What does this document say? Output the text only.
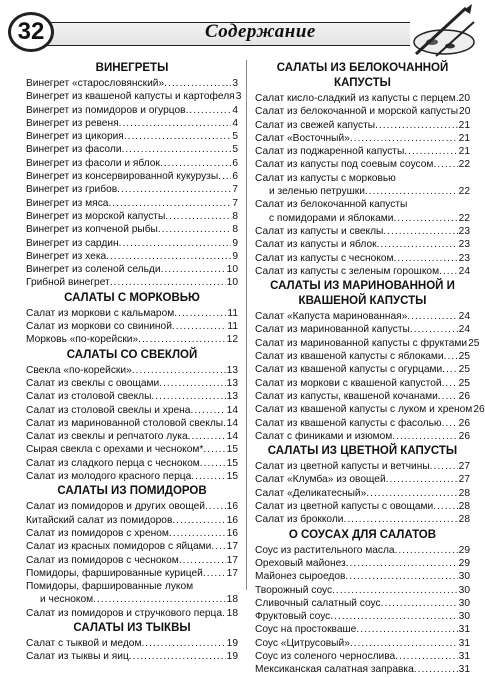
32	Содержание
ВИНЕГРЕТЫ
Винегрет «старословянский» .....	3
Винегрет из квашеной капусты и картофеля 3
Винегрет из помидоров и огурцов .....	4
Винегрет из ревеня .....	4
Винегрет из цикория .....	5
Винегрет из фасоли .....	5
Винегрет из фасоли и яблок .....	6
Винегрет из консервированной кукурузы ..... 6
Винегрет из грибов .....	7
Винегрет из мяса .....	7
Винегрет из морской капусты .....	8
Винегрет из копченой рыбы .....	8
Винегрет из сардин .....	9
Винегрет из хека .....	9
Винегрет из соленой сельди .....	10
Грибной винегрет .....	10
САЛАТЫ С МОРКОВЬЮ
Салат из моркови с кальмаром .....	11
Салат из моркови со свининой .....	11
Морковь «по-корейски» .....	12
САЛАТЫ СО СВЕКЛОЙ
Свекла «по-корейски» .....	13
Салат из свеклы с овощами .....	13
Салат из столовой свеклы .....	13
Салат из столовой свеклы и хрена .....	14
Салат из маринованной столовой свеклы ..... 14
Салат из свеклы и репчатого лука .....	14
Сырая свекла с орехами и чесноком* ..... 15
Салат из сладкого перца с чесноком .....	15
Салат из молодого красного перца .....	15
САЛАТЫ ИЗ ПОМИДОРОВ
Салат из помидоров и других овощей ..... 16
Китайский салат из помидоров .....	16
Салат из помидоров с хреном .....	16
Салат из красных помидоров с яйцами ..... 17
Салат из помидоров с чесноком .....	17
Помидоры, фаршированные курицей ..... 17
Помидоры, фаршированные луком
и чесноком .....	18
Салат из помидоров и стручкового перца ..... 18
САЛАТЫ ИЗ ТЫКВЫ
Салат с тыквой и медом .....	19
Салат из тыквы и яиц .....	19
САЛАТЫ ИЗ БЕЛОКОЧАННОЙ КАПУСТЫ
Салат кисло-сладкий из капусты с перцем ..... 20
Салат из белокочанной и морской капусты 20
Салат из свежей капусты .....	21
Салат «Восточный» .....	21
Салат из поджаренной капусты .....	21
Салат из капусты под соевым соусом ..... 22
Салат из капусты с морковью
и зеленью петрушки .....	22
Салат из белокочанной капусты
с помидорами и яблоками .....	22
Салат из капусты и свеклы .....	23
Салат из капусты и яблок .....	23
Салат из капусты с чесноком .....	23
Салат из капусты с зеленым горошком ..... 24
САЛАТЫ ИЗ МАРИНОВАННОЙ И КВАШЕНОЙ КАПУСТЫ
Салат «Капуста маринованная» .....	24
Салат из маринованной капусты .....	24
Салат из маринованной капусты с фруктами 25
Салат из квашеной капусты с яблоками ..... 25
Салат из квашеной капусты с огурцами ..... 25
Салат из моркови с квашеной капустой ..... 25
Салат из капусты, квашеной кочанами ..... 26
Салат из квашеной капусты с луком и хреном 26
Салат из квашеной капусты с фасолью ..... 26
Салат с финиками и изюмом .....	26
САЛАТЫ ИЗ ЦВЕТНОЙ КАПУСТЫ
Салат из цветной капусты и ветчины .....	27
Салат «Клумба» из овощей .....	27
Салат «Деликатесный» .....	28
Салат из цветной капусты с овощами ..... 28
Салат из брокколи .....	28
О СОУСАХ ДЛЯ САЛАТОВ
Соус из растительного масла .....	29
Ореховый майонез .....	29
Майонез сыроедов .....	30
Творожный соус .....	30
Сливочный салатный соус .....	30
Фруктовый соус .....	30
Соус на простокваше .....	31
Соус «Цитрусовый» .....	31
Соус из соленого чернослива .....	31
Мексиканская салатная заправка .....	31
